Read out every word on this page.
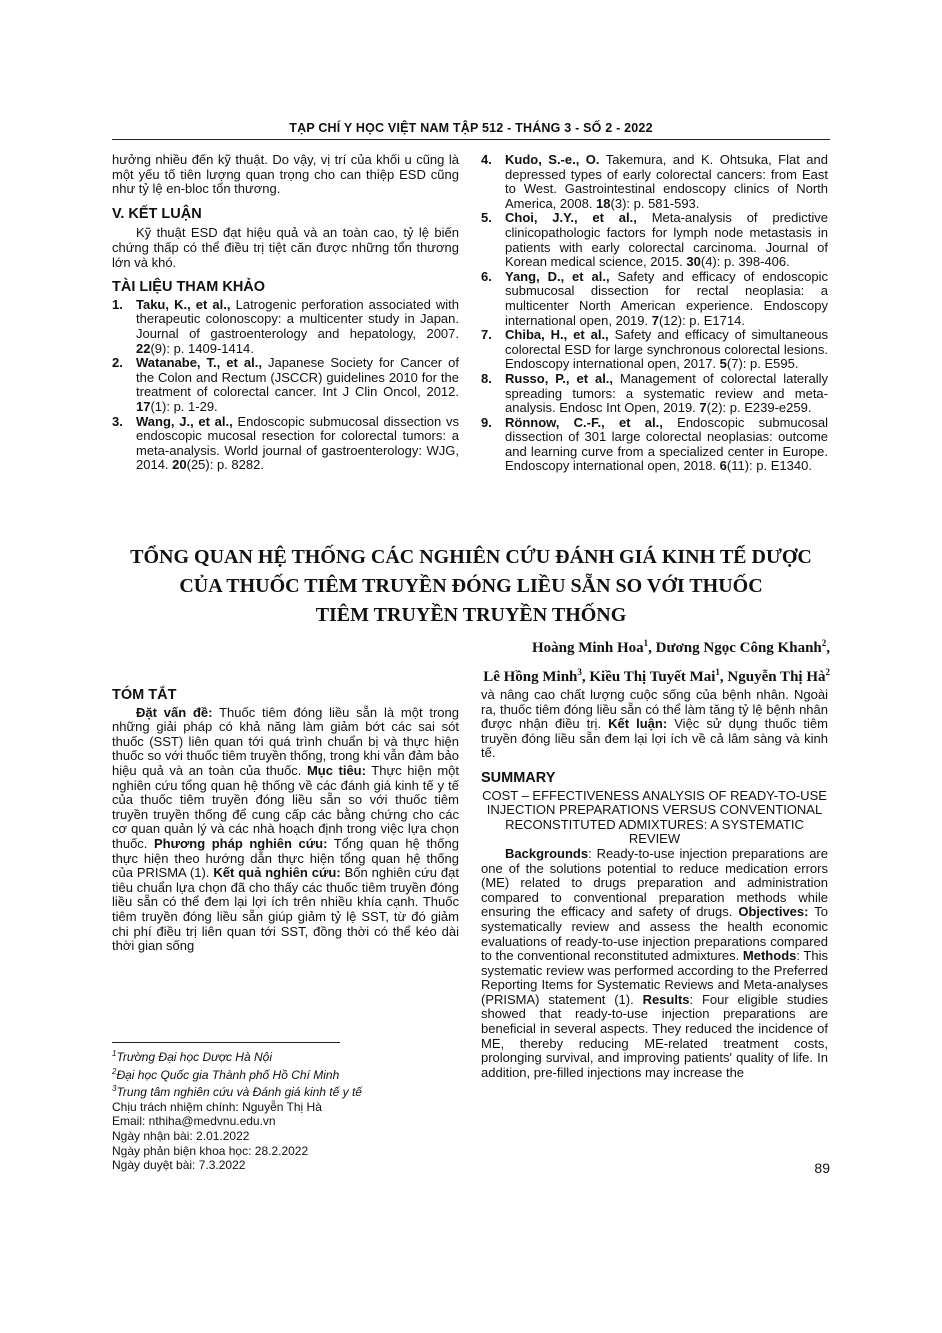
TẠP CHÍ Y HỌC VIỆT NAM TẬP 512 - THÁNG 3 - SỐ 2 - 2022

hưởng nhiều đến kỹ thuật. Do vậy, vị trí của khối u cũng là một yếu tố tiên lượng quan trọng cho can thiệp ESD cũng như tỷ lệ en-bloc tổn thương.

V. KẾT LUẬN

Kỹ thuật ESD đạt hiệu quả và an toàn cao, tỷ lệ biến chứng thấp có thể điều trị tiệt căn được những tổn thương lớn và khó.

TÀI LIỆU THAM KHẢO
1. Taku, K., et al., Latrogenic perforation associated with therapeutic colonoscopy: a multicenter study in Japan. Journal of gastroenterology and hepatology, 2007. 22(9): p. 1409-1414.
2. Watanabe, T., et al., Japanese Society for Cancer of the Colon and Rectum (JSCCR) guidelines 2010 for the treatment of colorectal cancer. Int J Clin Oncol, 2012. 17(1): p. 1-29.
3. Wang, J., et al., Endoscopic submucosal dissection vs endoscopic mucosal resection for colorectal tumors: a meta-analysis. World journal of gastroenterology: WJG, 2014. 20(25): p. 8282.
4. Kudo, S.-e., O. Takemura, and K. Ohtsuka, Flat and depressed types of early colorectal cancers: from East to West. Gastrointestinal endoscopy clinics of North America, 2008. 18(3): p. 581-593.
5. Choi, J.Y., et al., Meta-analysis of predictive clinicopathologic factors for lymph node metastasis in patients with early colorectal carcinoma. Journal of Korean medical science, 2015. 30(4): p. 398-406.
6. Yang, D., et al., Safety and efficacy of endoscopic submucosal dissection for rectal neoplasia: a multicenter North American experience. Endoscopy international open, 2019. 7(12): p. E1714.
7. Chiba, H., et al., Safety and efficacy of simultaneous colorectal ESD for large synchronous colorectal lesions. Endoscopy international open, 2017. 5(7): p. E595.
8. Russo, P., et al., Management of colorectal laterally spreading tumors: a systematic review and meta-analysis. Endosc Int Open, 2019. 7(2): p. E239-e259.
9. Rönnow, C.-F., et al., Endoscopic submucosal dissection of 301 large colorectal neoplasias: outcome and learning curve from a specialized center in Europe. Endoscopy international open, 2018. 6(11): p. E1340.
TỔNG QUAN HỆ THỐNG CÁC NGHIÊN CỨU ĐÁNH GIÁ KINH TẾ DƯỢC
CỦA THUỐC TIÊM TRUYỀN ĐÓNG LIỀU SẴN SO VỚI THUỐC
TIÊM TRUYỀN TRUYỀN THỐNG
Hoàng Minh Hoa$^1$, Dương Ngọc Công Khanh$^2$,
Lê Hồng Minh$^3$, Kiều Thị Tuyết Mai$^1$, Nguyễn Thị $Hà^2$
TÓM TẮT

Đặt vấn đề: Thuốc tiêm đóng liều sẵn là một trong những giải pháp có khả năng làm giảm bớt các sai sót thuốc (SST) liên quan tới quá trình chuẩn bị và thực hiện thuốc so với thuốc tiêm truyền thống, trong khi vẫn đảm bảo hiệu quả và an toàn của thuốc. Mục tiêu: Thực hiện một nghiên cứu tổng quan hệ thống về các đánh giá kinh tế y tế của thuốc tiêm truyền đóng liều sẵn so với thuốc tiêm truyền truyền thống để cung cấp các bằng chứng cho các cơ quan quản lý và các nhà hoạch định trong việc lựa chọn thuốc. Phương pháp nghiên cứu: Tổng quan hệ thống thực hiện theo hướng dẫn thực hiện tổng quan hệ thống của PRISMA (1). Kết quả nghiên cứu: Bốn nghiên cứu đạt tiêu chuẩn lựa chọn đã cho thấy các thuốc tiêm truyền đóng liều sẵn có thể đem lại lợi ích trên nhiều khía cạnh. Thuốc tiêm truyền đóng liều sẵn giúp giảm tỷ lệ SST, từ đó giảm chi phí điều trị liên quan tới SST, đồng thời có thể kéo dài thời gian sống

$^1$Trường Đại học Dược Hà Nội
$^2$Đại học Quốc gia Thành phố Hồ Chí Minh
$^3$Trung tâm nghiên cứu và Đánh giá kinh tế y tế
Chịu trách nhiệm chính: Nguyễn Thị Hà
Email: nthiha@medvnu.edu.vn
Ngày nhận bài: 2.01.2022
Ngày phản biện khoa học: 28.2.2022
Ngày duyệt bài: 7.3.2022

và nâng cao chất lượng cuộc sống của bệnh nhân. Ngoài ra, thuốc tiêm đóng liều sẵn có thể làm tăng tỷ lệ bệnh nhân được nhận điều trị. Kết luận: Việc sử dụng thuốc tiêm truyền đóng liều sẵn đem lại lợi ích về cả lâm sàng và kinh tế.

SUMMARY
COST – EFFECTIVENESS ANALYSIS OF READY-TO-USE INJECTION PREPARATIONS VERSUS CONVENTIONAL RECONSTITUTED ADMIXTURES: A SYSTEMATIC REVIEW

Backgrounds: Ready-to-use injection preparations are one of the solutions potential to reduce medication errors (ME) related to drugs preparation and administration compared to conventional preparation methods while ensuring the efficacy and safety of drugs. Objectives: To systematically review and assess the health economic evaluations of ready-to-use injection preparations compared to the conventional reconstituted admixtures. Methods: This systematic review was performed according to the Preferred Reporting Items for Systematic Reviews and Meta-analyses (PRISMA) statement (1). Results: Four eligible studies showed that ready-to-use injection preparations are beneficial in several aspects. They reduced the incidence of ME, thereby reducing ME-related treatment costs, prolonging survival, and improving patients' quality of life. In addition, pre-filled injections may increase the

89
